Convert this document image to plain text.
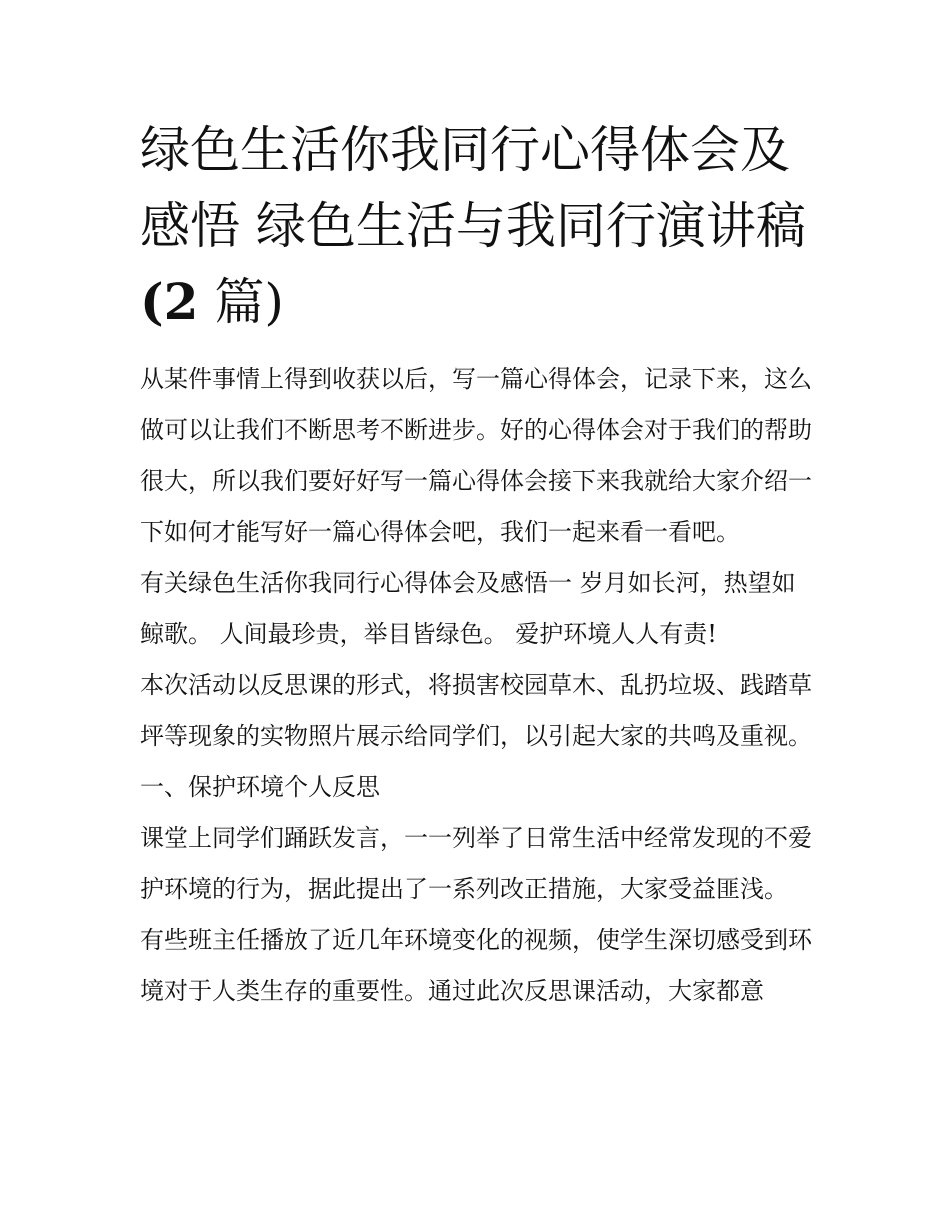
绿色生活你我同行心得体会及
感悟 绿色生活与我同行演讲稿
(2 篇)

从某件事情上得到收获以后，写一篇心得体会，记录下来，这么做可以让我们不断思考不断进步。好的心得体会对于我们的帮助很大，所以我们要好好写一篇心得体会接下来我就给大家介绍一下如何才能写好一篇心得体会吧，我们一起来看一看吧。

有关绿色生活你我同行心得体会及感悟一 岁月如长河，热望如鲸歌。 人间最珍贵，举目皆绿色。 爱护环境人人有责!

本次活动以反思课的形式，将损害校园草木、乱扔垃圾、践踏草坪等现象的实物照片展示给同学们，以引起大家的共鸣及重视。 一、保护环境个人反思

课堂上同学们踊跃发言，一一列举了日常生活中经常发现的不爱护环境的行为，据此提出了一系列改正措施，大家受益匪浅。

有些班主任播放了近几年环境变化的视频，使学生深切感受到环境对于人类生存的重要性。通过此次反思课活动，大家都意
